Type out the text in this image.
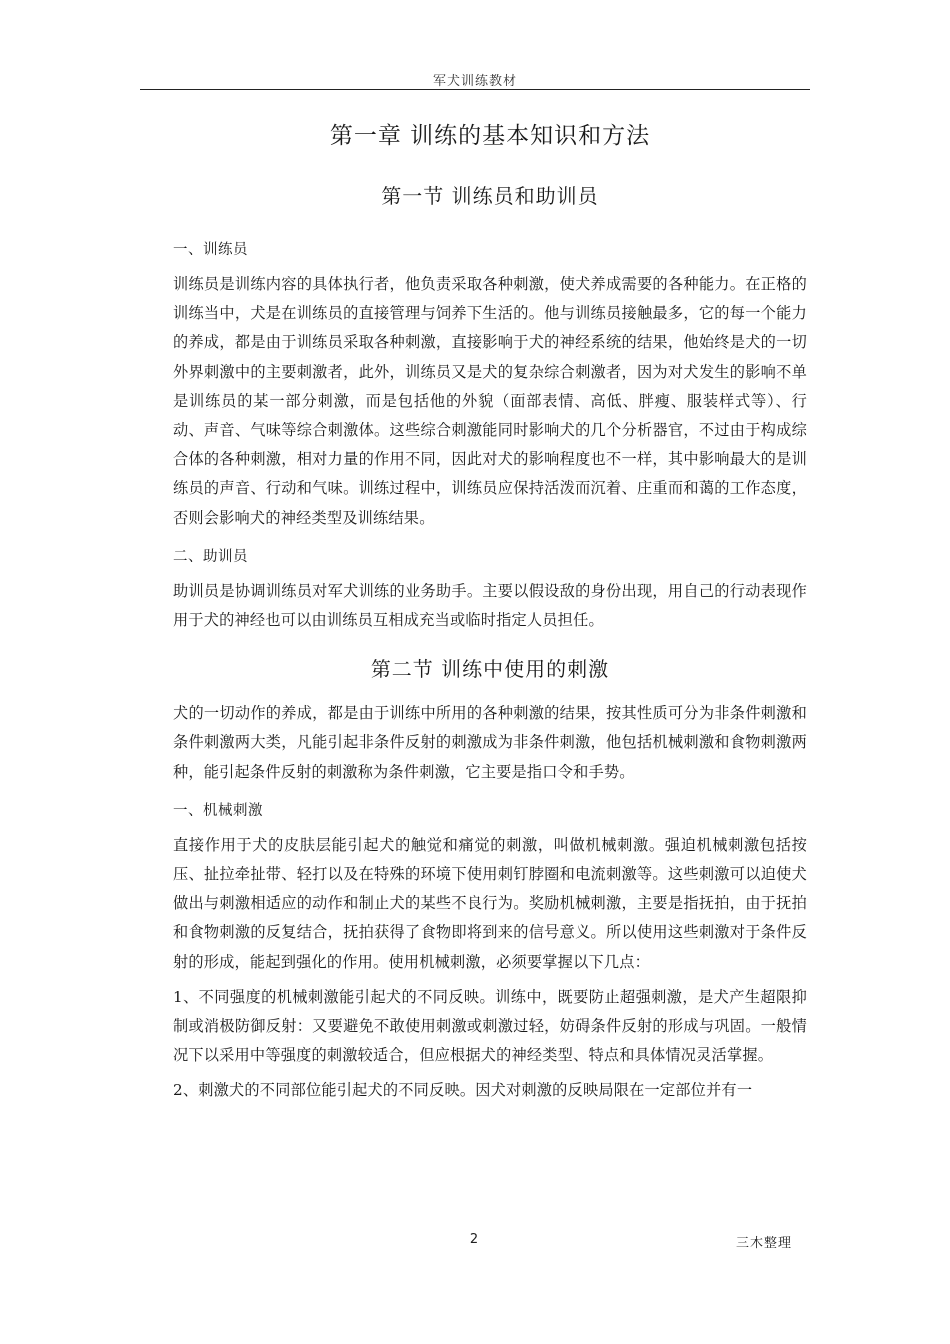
军犬训练教材
第一章 训练的基本知识和方法
第一节 训练员和助训员
一、训练员

训练员是训练内容的具体执行者，他负责采取各种刺激，使犬养成需要的各种能力。在正格的训练当中，犬是在训练员的直接管理与饲养下生活的。他与训练员接触最多，它的每一个能力的养成，都是由于训练员采取各种刺激，直接影响于犬的神经系统的结果，他始终是犬的一切外界刺激中的主要刺激者，此外，训练员又是犬的复杂综合刺激者，因为对犬发生的影响不单是训练员的某一部分刺激，而是包括他的外貌（面部表情、高低、胖瘦、服装样式等）、行动、声音、气味等综合刺激体。这些综合刺激能同时影响犬的几个分析器官，不过由于构成综合体的各种刺激，相对力量的作用不同，因此对犬的影响程度也不一样，其中影响最大的是训练员的声音、行动和气味。训练过程中，训练员应保持活泼而沉着、庄重而和蔼的工作态度，否则会影响犬的神经类型及训练结果。

二、助训员

助训员是协调训练员对军犬训练的业务助手。主要以假设敌的身份出现，用自己的行动表现作用于犬的神经也可以由训练员互相成充当或临时指定人员担任。

第二节 训练中使用的刺激

犬的一切动作的养成，都是由于训练中所用的各种刺激的结果，按其性质可分为非条件刺激和条件刺激两大类，凡能引起非条件反射的刺激成为非条件刺激，他包括机械刺激和食物刺激两种，能引起条件反射的刺激称为条件刺激，它主要是指口令和手势。

一、机械刺激

直接作用于犬的皮肤层能引起犬的触觉和痛觉的刺激，叫做机械刺激。强迫机械刺激包括按压、扯拉牵扯带、轻打以及在特殊的环境下使用刺钉脖圈和电流刺激等。这些刺激可以迫使犬做出与刺激相适应的动作和制止犬的某些不良行为。奖励机械刺激，主要是指抚拍，由于抚拍和食物刺激的反复结合，抚拍获得了食物即将到来的信号意义。所以使用这些刺激对于条件反射的形成，能起到强化的作用。使用机械刺激，必须要掌握以下几点：

1、不同强度的机械刺激能引起犬的不同反映。训练中，既要防止超强刺激，是犬产生超限抑制或消极防御反射：又要避免不敢使用刺激或刺激过轻，妨碍条件反射的形成与巩固。一般情况下以采用中等强度的刺激较适合，但应根据犬的神经类型、特点和具体情况灵活掌握。

2、刺激犬的不同部位能引起犬的不同反映。因犬对刺激的反映局限在一定部位并有一

2	三木整理
